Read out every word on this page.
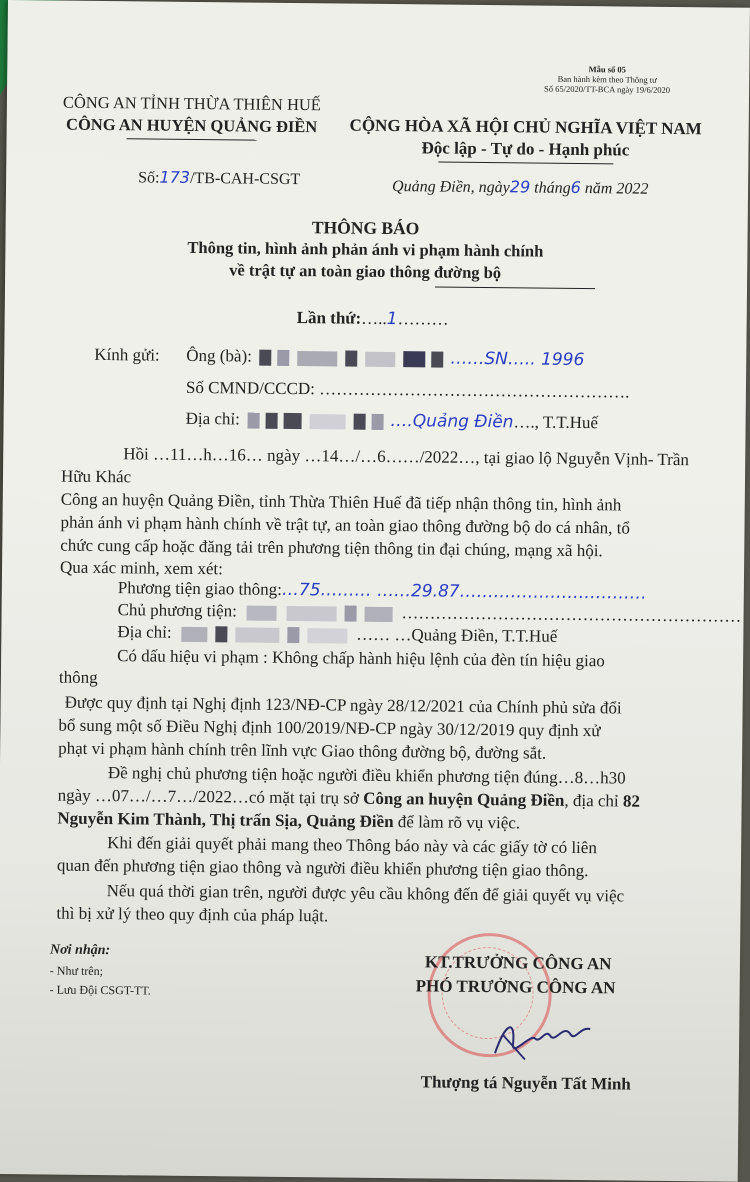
Mẫu số 05
Ban hành kèm theo Thông tư
Số 65/2020/TT-BCA ngày 19/6/2020
CÔNG AN TỈNH THỪA THIÊN HUẾ
CÔNG AN HUYỆN QUẢNG ĐIỀN	CỘNG HÒA XÃ HỘI CHỦ NGHĨA VIỆT NAM
Độc lập - Tự do - Hạnh phúc
Số:173/TB-CAH-CSGT	Quảng Điền, ngày29 tháng6 năm 2022
THÔNG BÁO
Thông tin, hình ảnh phản ánh vi phạm hành chính
về trật tự an toàn giao thông đường bộ
Lần thứ:…..1………
Kính gửi: Ông (bà):	……SN….. 1996
Số CMND/CCCD: ……………………………………………….
Địa chỉ:	….Quảng Điền…., T.T.Huế
Hồi …11…h…16… ngày …14…/…6……/2022…, tại giao lộ Nguyễn Vịnh- Trần
Hữu Khác
Công an huyện Quảng Điền, tỉnh Thừa Thiên Huế đã tiếp nhận thông tin, hình ảnh
phản ánh vi phạm hành chính về trật tự, an toàn giao thông đường bộ do cá nhân, tổ
chức cung cấp hoặc đăng tải trên phương tiện thông tin đại chúng, mạng xã hội.
Qua xác minh, xem xét:
Phương tiện giao thông:…75……… ……29.87……………………………
Chủ phương tiện:	……………………………………………………
Địa chỉ:	…… …Quảng Điền, T.T.Huế
Có dấu hiệu vi phạm : Không chấp hành hiệu lệnh của đèn tín hiệu giao
thông
Được quy định tại Nghị định 123/NĐ-CP ngày 28/12/2021 của Chính phủ sửa đổi
bổ sung một số Điều Nghị định 100/2019/NĐ-CP ngày 30/12/2019 quy định xử
phạt vi phạm hành chính trên lĩnh vực Giao thông đường bộ, đường sắt.
Đề nghị chủ phương tiện hoặc người điều khiển phương tiện đúng…8…h30
ngày …07…/…7…/2022…có mặt tại trụ sở Công an huyện Quảng Điền, địa chỉ 82
Nguyễn Kim Thành, Thị trấn Sịa, Quảng Điền để làm rõ vụ việc.
Khi đến giải quyết phải mang theo Thông báo này và các giấy tờ có liên
quan đến phương tiện giao thông và người điều khiển phương tiện giao thông.
Nếu quá thời gian trên, người được yêu cầu không đến để giải quyết vụ việc
thì bị xử lý theo quy định của pháp luật.
Nơi nhận:
- Như trên;
- Lưu Đội CSGT-TT.
KT.TRƯỞNG CÔNG AN
PHÓ TRƯỞNG CÔNG AN
Thượng tá Nguyễn Tất Minh
